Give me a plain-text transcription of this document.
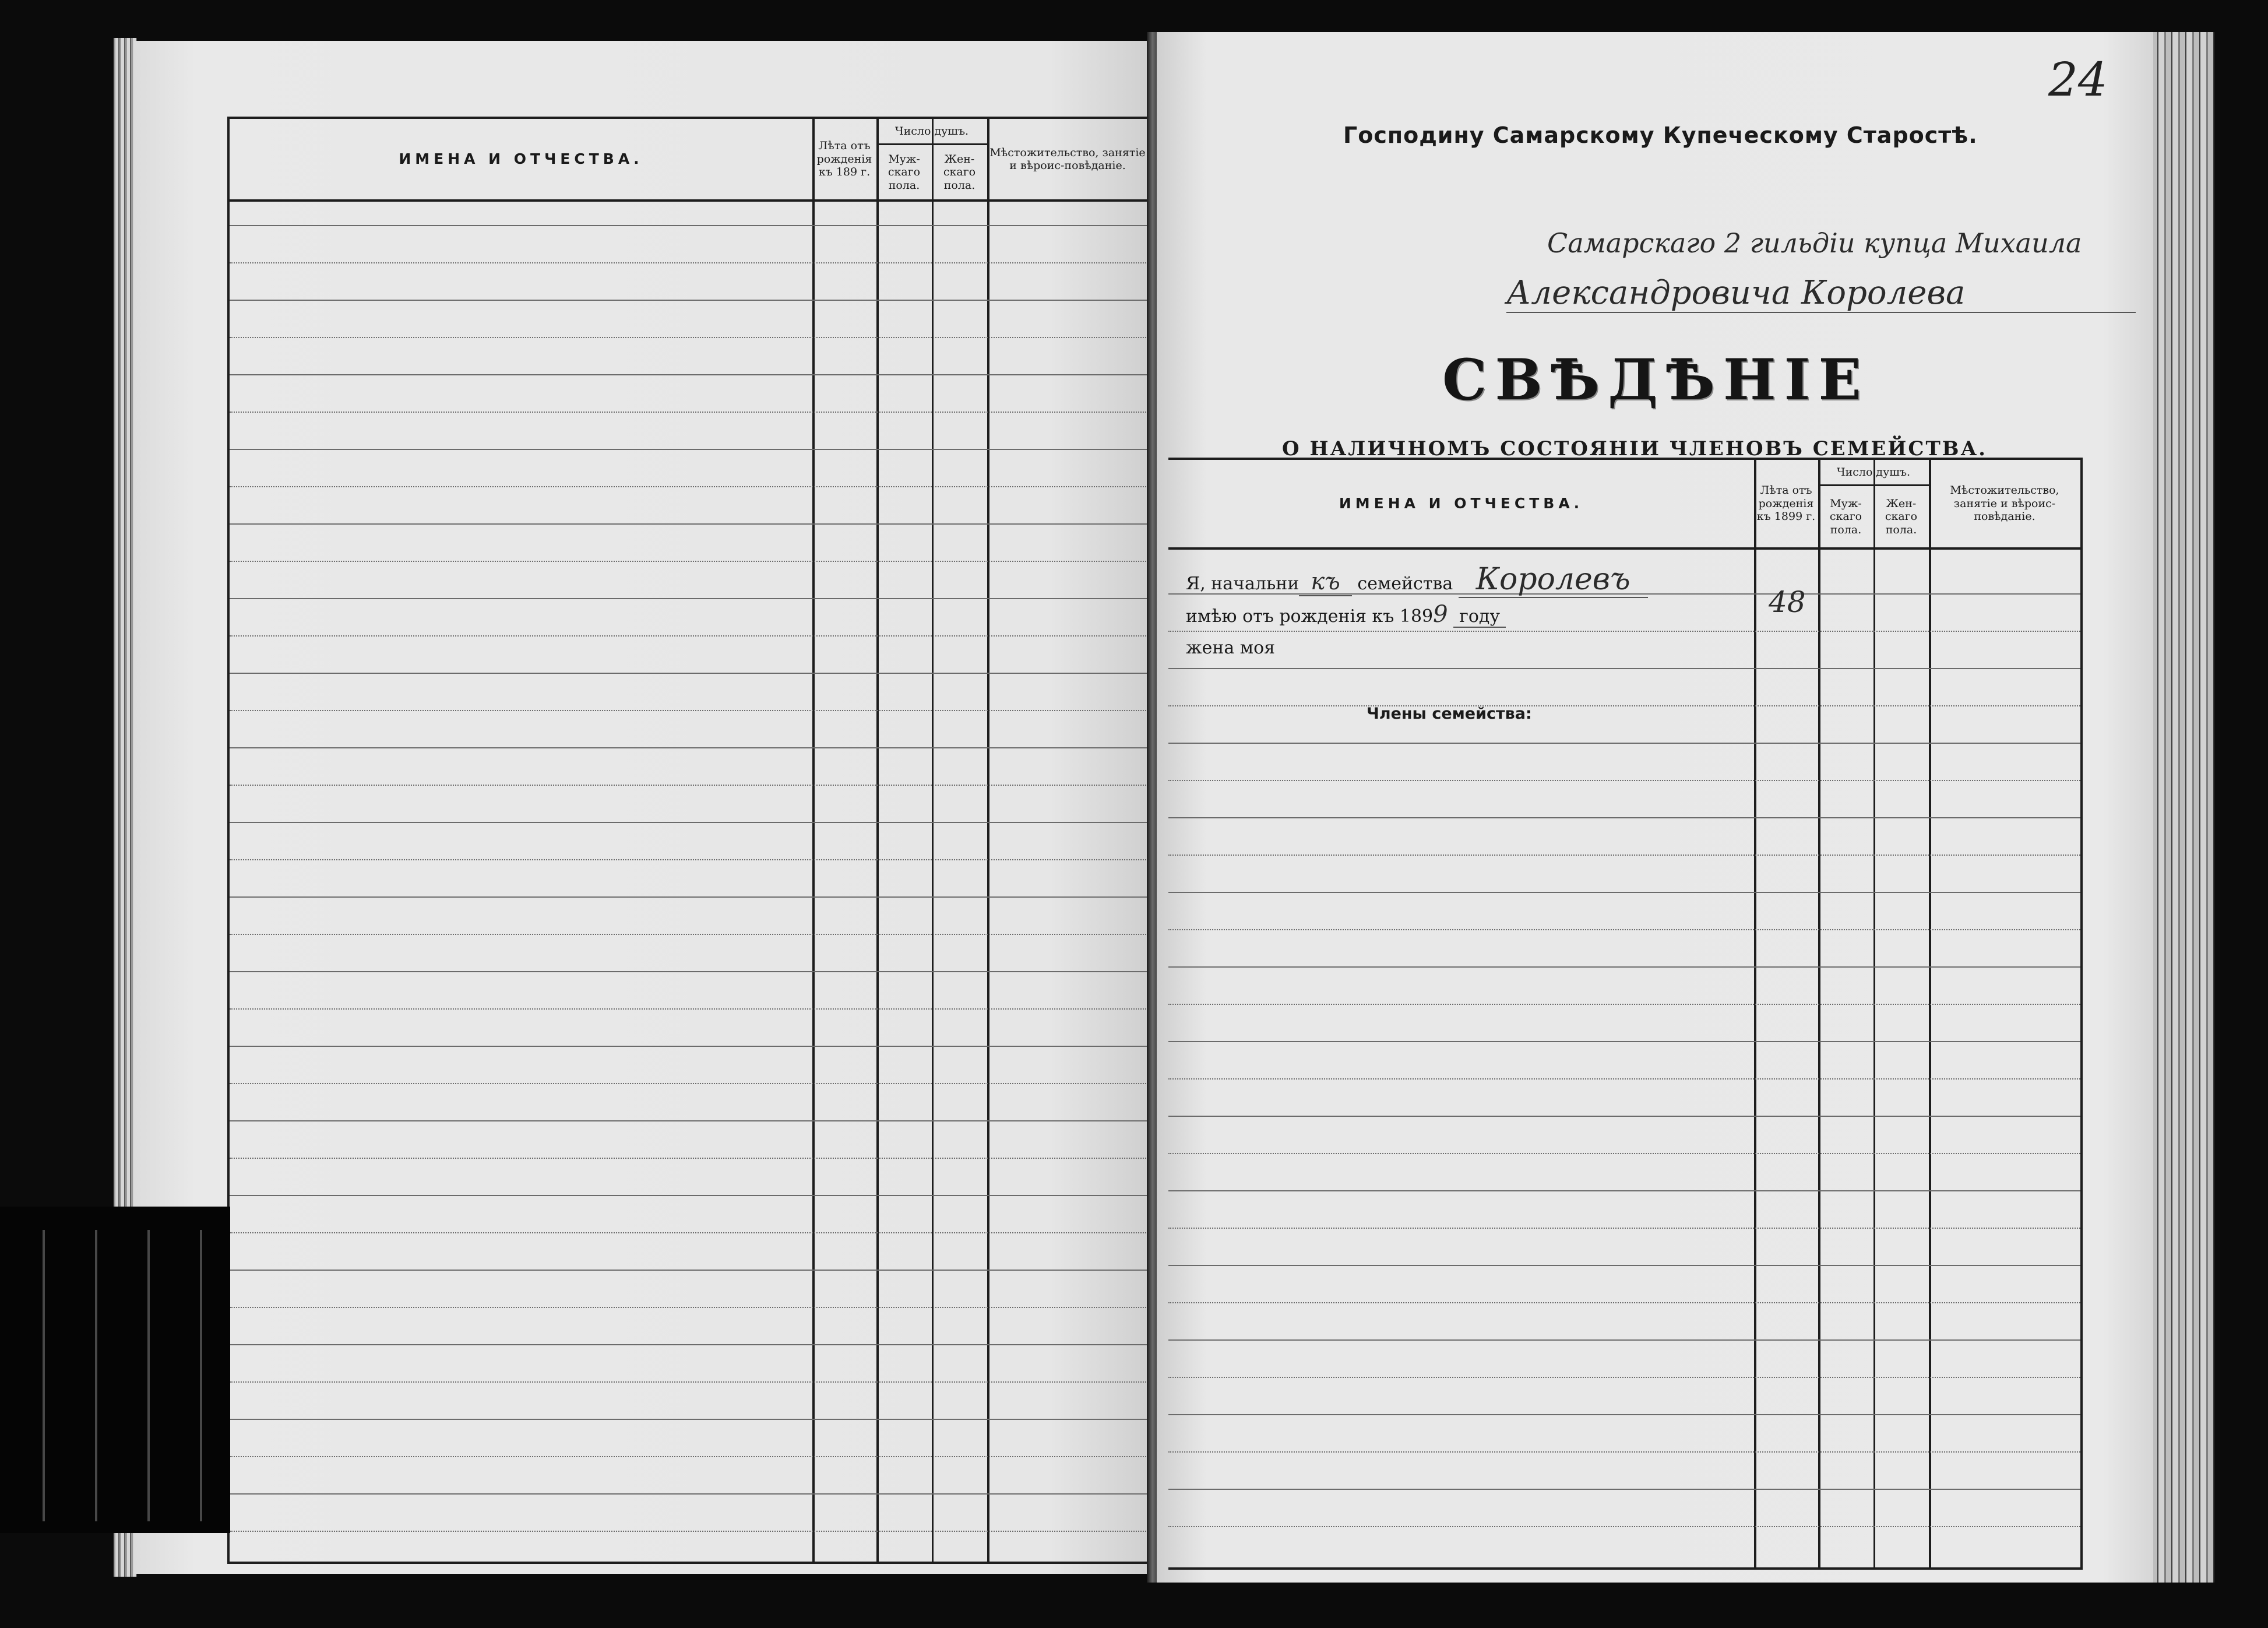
ИМЕНА И ОТЧЕСТВА.
Лѣта отъ рожденія къ 189 г.
Число душъ.
Муж-скаго пола.
Жен-скаго пола.
Мѣстожительство, занятіе и вѣроис-повѣданіе.
24
Господину Самарскому Купеческому Старостѣ.
Самарскаго 2 гильдіи купца Михаила
Александровича Королева
СВѢДѢНІЕ
О НАЛИЧНОМЪ СОСТОЯНІИ ЧЛЕНОВЪ СЕМЕЙСТВА.
ИМЕНА И ОТЧЕСТВА.
Лѣта отъ рожденія къ 1899 г.
Число душъ.
Муж-скаго пола.
Жен-скаго пола.
Мѣстожительство, занятіе и вѣроис-повѣданіе.
Я, начальни къ семейства Королевъ
имѣю отъ рожденія къ 1899 году	48
жена моя
Члены семейства:
